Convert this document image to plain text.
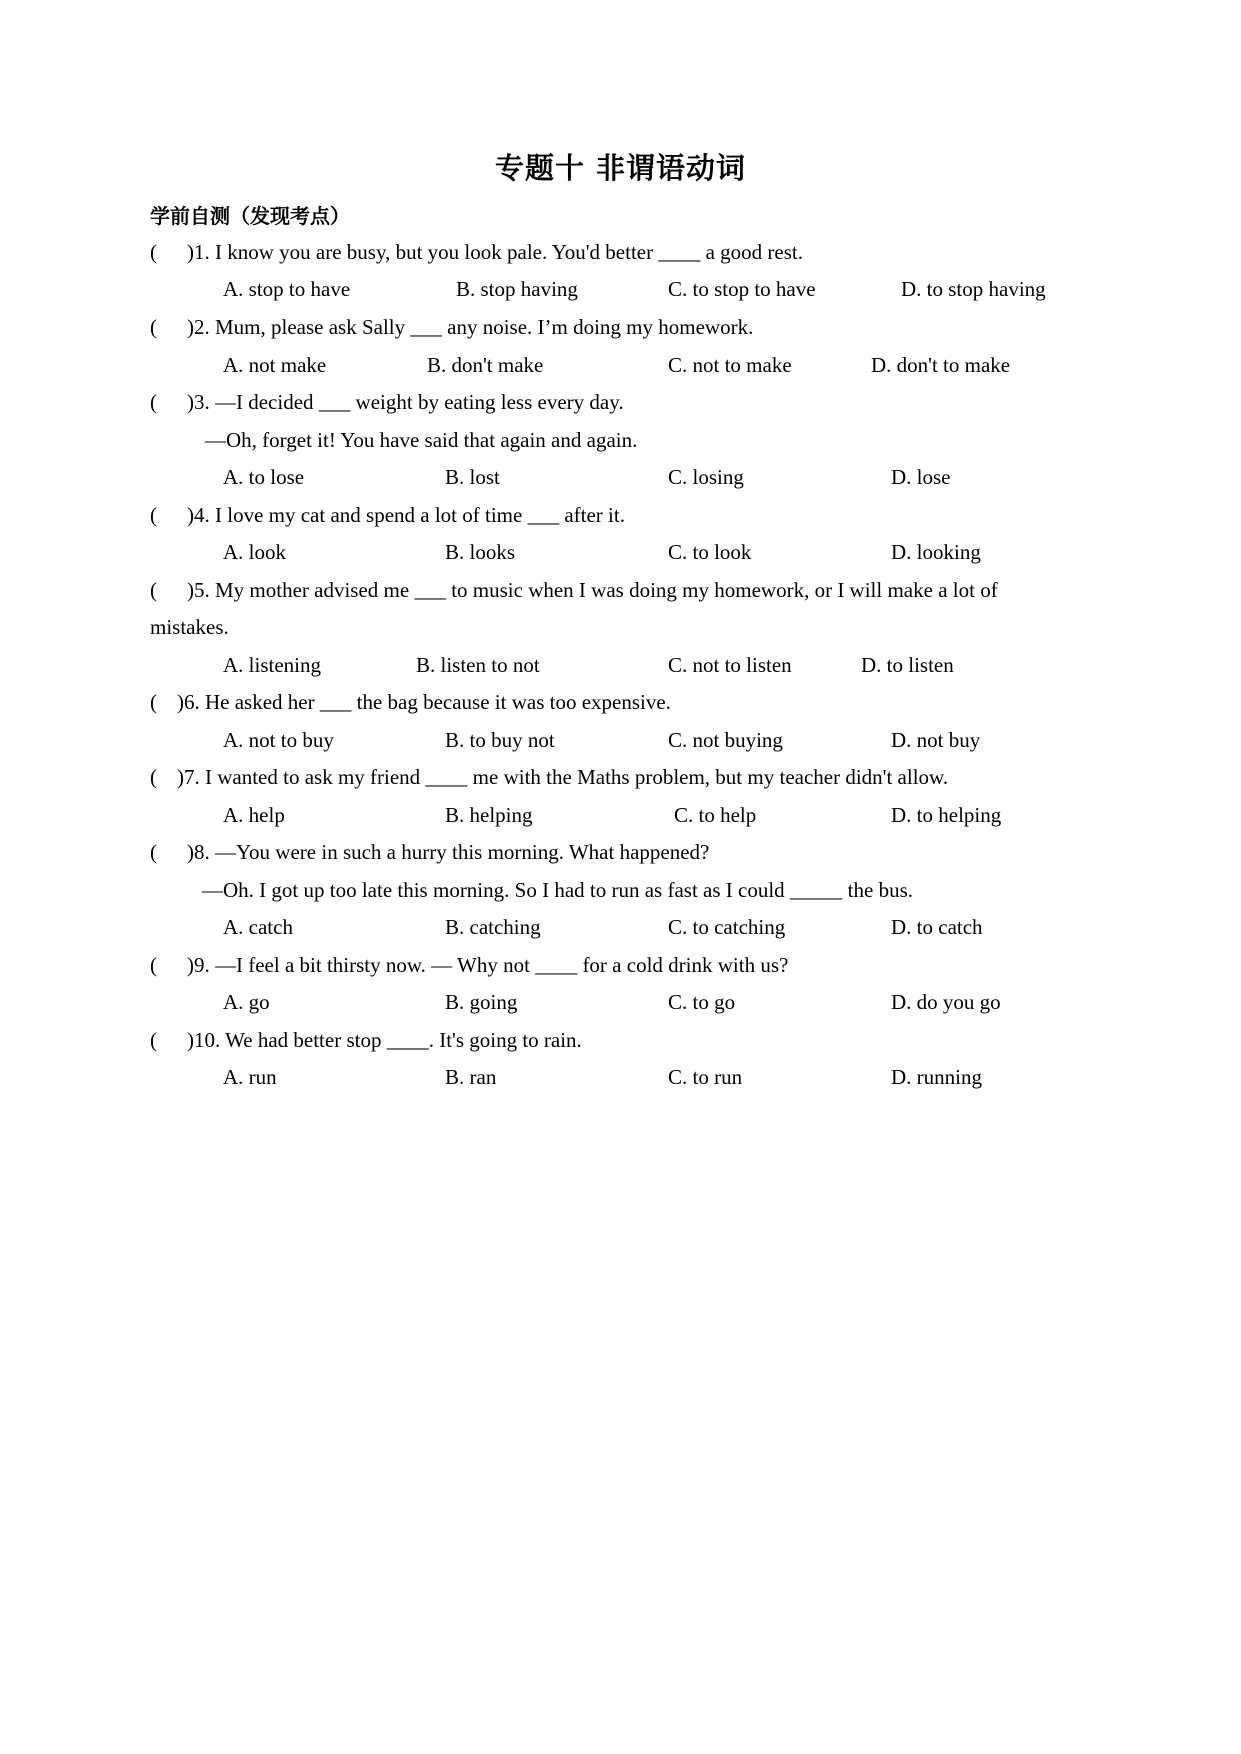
专题十 非谓语动词
学前自测（发现考点）
( )1. I know you are busy, but you look pale. You'd better ____ a good rest.
A. stop to have	B. stop having	C. to stop to have	D. to stop having
( )2. Mum, please ask Sally ___ any noise. I’m doing my homework.
A. not make	B. don't make	C. not to make	D. don't to make
( )3. —I decided ___ weight by eating less every day.
—Oh, forget it! You have said that again and again.
A. to lose	B. lost	C. losing	D. lose
( )4. I love my cat and spend a lot of time ___ after it.
A. look	B. looks	C. to look	D. looking
( )5. My mother advised me ___ to music when I was doing my homework, or I will make a lot of
mistakes.
A. listening	B. listen to not	C. not to listen	D. to listen
( )6. He asked her ___ the bag because it was too expensive.
A. not to buy	B. to buy not	C. not buying	D. not buy
( )7. I wanted to ask my friend ____ me with the Maths problem, but my teacher didn't allow.
A. help	B. helping	C. to help	D. to helping
( )8. —You were in such a hurry this morning. What happened?
—Oh. I got up too late this morning. So I had to run as fast as I could _____ the bus.
A. catch	B. catching	C. to catching	D. to catch
( )9. —I feel a bit thirsty now. — Why not ____ for a cold drink with us?
A. go	B. going	C. to go	D. do you go
( )10. We had better stop ____. It's going to rain.
A. run	B. ran	C. to run	D. running
